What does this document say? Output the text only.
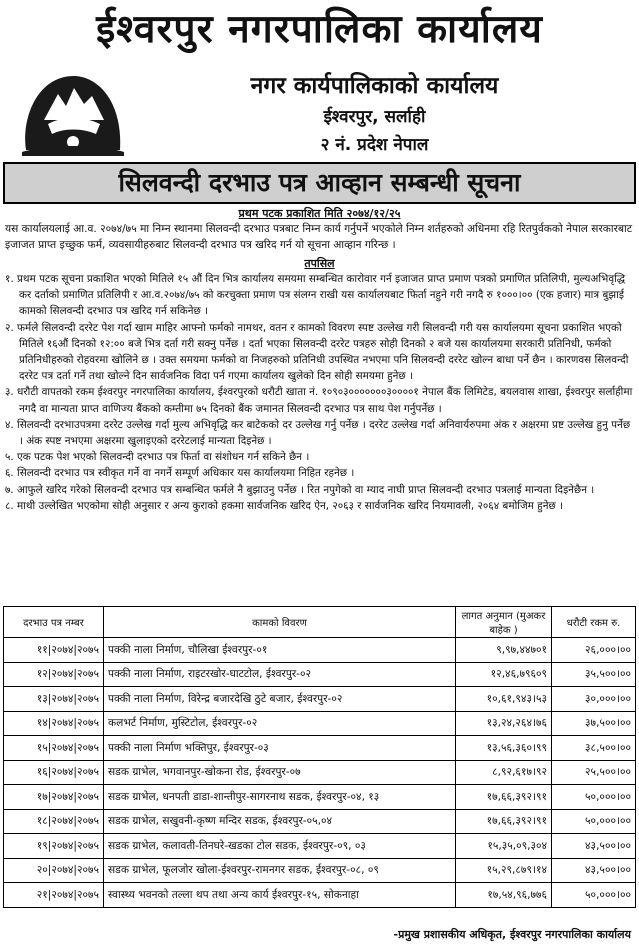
ईश्वरपुर नगरपालिका कार्यालय
नगर कार्यपालिकाको कार्यालय
ईश्वरपुर, सर्लाही
२ नं. प्रदेश नेपाल
सिलवन्दी दरभाउ पत्र आव्हान सम्बन्धी सूचना
प्रथम पटक प्रकाशित मिति २०७४/१२/२५
यस कार्यालयलाई आ.व. २०७४/७५ मा निम्न स्थानमा सिलवन्दी दरभाउ पत्रबाट निम्न कार्य गर्नुपर्ने भएकोले निम्न शर्तहरुको अधिनमा रहि रितपुर्वकको नेपाल सरकारबाट इजाजत प्राप्त इच्छुक फर्म, व्यवसायीहरुबाट सिलवन्दी दरभाउ पत्र खरिद गर्न यो सूचना आव्हान गरिन्छ ।
तपसिल
१. प्रथम पटक सूचना प्रकाशित भएको मितिले १५ औं दिन भित्र कार्यालय समयमा सम्बन्धित कारोवार गर्न इजाजत प्राप्त प्रमाण पत्रको प्रमाणित प्रतिलिपी, मुल्यअभिवृद्धि कर दर्ताको प्रमाणित प्रतिलिपी र आ.व.२०७४/७५ को करचुक्ता प्रमाण पत्र संलग्न राखी यस कार्यालयबाट फिर्ता नहुने गरी नगदै रु १०००।०० (एक हजार) मात्र बुझाई कामको सिलवन्दी दरभाउ पत्र खरिद गर्न सकिनेछ ।
२. फर्मले सिलवन्दी दररेट पेश गर्दा खाम माहिर आफ्नो फर्मको नामथर, वतन र कामको विवरण स्पष्ट उल्लेख गरी सिलवन्दी गरी यस कार्यालयमा सूचना प्रकाशित भएको मितिले १६औं दिनको १२:०० बजे भित्र दर्ता गरी सक्नु पर्नेछ । दर्ता भएका सिलवन्दी दररेट पत्रहरु सोही दिनको २ बजे यस कार्यालयमा सरकारी प्रतिनिधी, फर्मको प्रतिनिधीहरुको रोहवरमा खोलिने छ । उक्त समयमा फर्मको वा निजहरुको प्रतिनिधी उपस्थित नभएमा पनि सिलवन्दी दररेट खोल्न बाधा पर्ने छैन । कारणवस सिलवन्दी दररेट पत्र दर्ता गर्ने तथा खोल्ने दिन सार्वजनिक विदा पर्न गएमा कार्यालय खुलेको दिन सोही समयमा हुनेछ ।
३. धरौटी वापतको रकम ईश्वरपुर नगरपालिका कार्यालय, ईश्वरपुरको धरौटी खाता नं. १०९०३०००००००३००००१ नेपाल बैंक लिमिटेड, बयलवास शाखा, ईश्वरपुर सर्लाहीमा नगदै वा मान्यता प्राप्त वाणिज्य बैंकको कम्तीमा ७५ दिनको बैंक जमानत सिलवन्दी दरभाउ पत्र साथ पेश गर्नुपर्नेछ ।
४. सिलवन्दी दरभाउपत्रमा दररेट उल्लेख गर्दा मुल्य अभिवृद्धि कर बाटेकको दर उल्लेख गर्नु पर्नेछ । दररेट उल्लेख गर्दा अनिवार्यरुपमा अंक र अक्षरमा प्रष्ट उल्लेख हुनु पर्नेछ । अंक स्पष्ट नभएमा अक्षरमा खुलाइएको दररेटलाई मान्यता दिइनेछ ।
५. एक पटक पेश भएको सिलवन्दी दरभाउ पत्र फिर्ता वा संशोधन गर्न सकिने छैन ।
६. सिलवन्दी दरभाउ पत्र स्वीकृत गर्ने वा नगर्ने सम्पूर्ण अधिकार यस कार्यालयमा निहित रहनेछ ।
७. आफुले खरिद गरेको सिलवन्दी दरभाउ पत्र सम्बन्धित फर्मले नै बुझाउनु पर्नेछ । रित नपुगेको वा म्याद नाघी प्राप्त सिलवन्दी दरभाउ पत्रलाई मान्यता दिइनेछैन ।
८. माथी उल्लेखित भएकोमा सोही अनुसार र अन्य कुराको हकमा सार्वजनिक खरिद ऐन, २०६३ र सार्वजनिक खरिद नियमावली, २०६४ बमोजिम हुनेछ ।
दरभाउ पत्र नम्बर	कामको विवरण	लागत अनुमान (मुअकर बाहेक )	धरौटी रकम रु.
११|२०७४|२०७५	पक्की नाला निर्माण, चौलिखा ईश्वरपुर-०१	९,९७,४४७०१	२६,०००।००
१२|२०७४|२०७५	पक्की नाला निर्माण, राइटरखोर-घाटटोल, ईश्वरपुर-०२	१२,४६,७९६०९	३५,५००।००
१३|२०७४|२०७५	पक्की नाला निर्माण, विरेन्द्र बजारदेखि ठुटे बजार, ईश्वरपुर-०२	१०,६१,९४३।५३	३०,०००।००
१४|२०७४|२०७५	कलभर्ट निर्माण, मुस्टिटोल, ईश्वरपुर-०२	१३,२४,२६४।७६	३७,५००।००
१५|२०७४|२०७५	पक्की नाला निर्माण भक्तिपुर, ईश्वरपुर-०३	१३,५६,३६०।९९	३८,५००।००
१६|२०७४|२०७५	सडक ग्राभेल, भगवानपुर-खोकना रोड, ईश्वरपुर-०७	८,९२,६१७।९२	२५,५००।००
१७|२०७४|२०७५	सडक ग्राभेल, धनपती डाडा-शान्तीपुर-सागरनाथ सडक, ईश्वरपुर-०४, १३	१७,६६,३९२।९१	५०,०००।००
१८|२०७४|२०७५	सडक ग्राभेल, सखुवनी-कृष्ण मन्दिर सडक, ईश्वरपुर-०५,०४	१७,६६,३९२।९१	५०,०००।००
१९|२०७४|२०७५	सडक ग्राभेल, कलावती-तिनघरे-खडका टोल सडक, ईश्वरपुर-०९, ०३	१५,३५,०९,३०४	४३,५००।००
२०|२०७४|२०७५	सडक ग्राभेल, फूलजोर खोला-ईश्वरपुर-रामनगर सडक, ईश्वरपुर-०८, ०९	१५,२९,८७९।१४	४३,५००।००
२१|२०७४|२०७५	स्वास्थ्य भवनको तल्ला थप तथा अन्य कार्य ईश्वरपुर-१५, सोकनाहा	१७,५४,९६,७७६	५०,०००।००
-प्रमुख प्रशासकीय अधिकृत, ईश्वरपुर नगरपालिका कार्यालय
